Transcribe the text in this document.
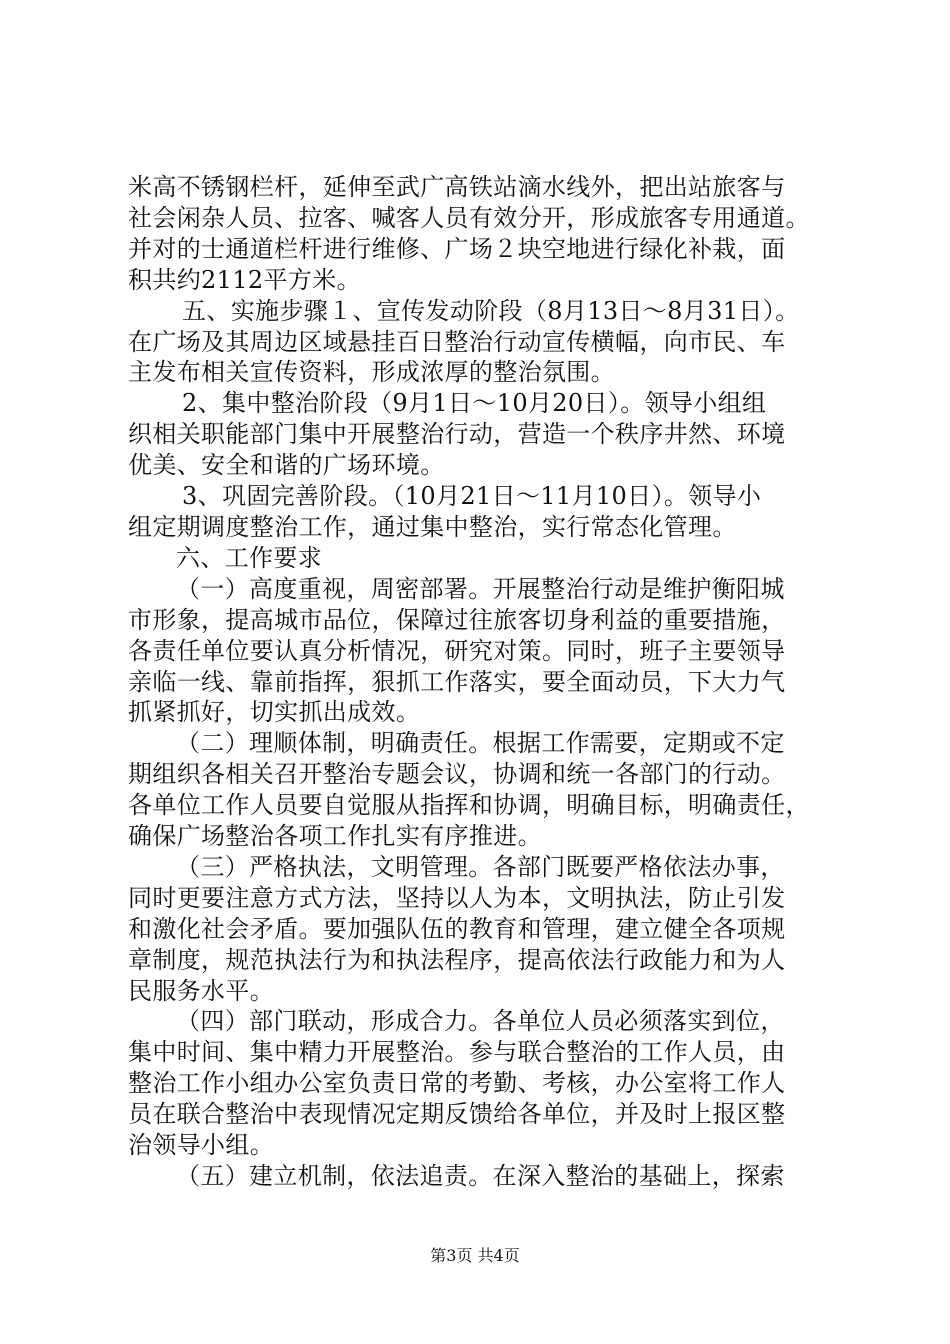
米高不锈钢栏杆，延伸至武广高铁站滴水线外，把出站旅客与

社会闲杂人员、拉客、喊客人员有效分开，形成旅客专用通道。

并对的士通道栏杆进行维修、广场２块空地进行绿化补栽，面

积共约2112平方米。

五、实施步骤１、宣传发动阶段（8月13日～8月31日）。

在广场及其周边区域悬挂百日整治行动宣传横幅，向市民、车

主发布相关宣传资料，形成浓厚的整治氛围。

2、集中整治阶段（9月1日～10月20日）。领导小组组

织相关职能部门集中开展整治行动，营造一个秩序井然、环境

优美、安全和谐的广场环境。

3、巩固完善阶段。（10月21日～11月10日）。领导小

组定期调度整治工作，通过集中整治，实行常态化管理。

六、工作要求

（一）高度重视，周密部署。开展整治行动是维护衡阳城

市形象，提高城市品位，保障过往旅客切身利益的重要措施，

各责任单位要认真分析情况，研究对策。同时，班子主要领导

亲临一线、靠前指挥，狠抓工作落实，要全面动员，下大力气

抓紧抓好，切实抓出成效。

（二）理顺体制，明确责任。根据工作需要，定期或不定

期组织各相关召开整治专题会议，协调和统一各部门的行动。

各单位工作人员要自觉服从指挥和协调，明确目标，明确责任，

确保广场整治各项工作扎实有序推进。

（三）严格执法，文明管理。各部门既要严格依法办事，

同时更要注意方式方法，坚持以人为本，文明执法，防止引发

和激化社会矛盾。要加强队伍的教育和管理，建立健全各项规

章制度，规范执法行为和执法程序，提高依法行政能力和为人

民服务水平。

（四）部门联动，形成合力。各单位人员必须落实到位，

集中时间、集中精力开展整治。参与联合整治的工作人员，由

整治工作小组办公室负责日常的考勤、考核，办公室将工作人

员在联合整治中表现情况定期反馈给各单位，并及时上报区整

治领导小组。

（五）建立机制，依法追责。在深入整治的基础上，探索

第3页 共4页
